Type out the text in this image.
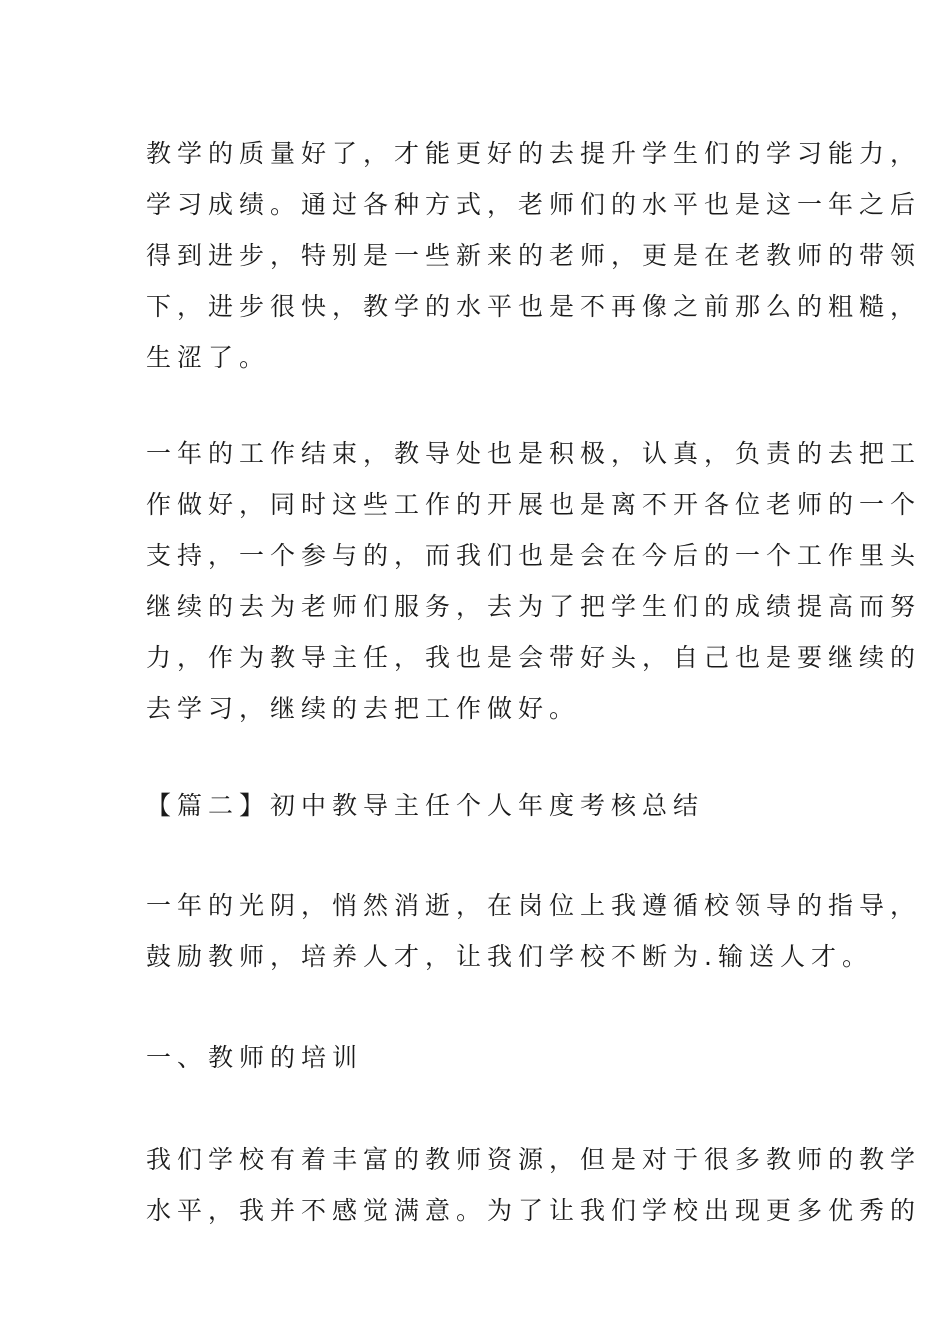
教学的质量好了，才能更好的去提升学生们的学习能力，
学习成绩。通过各种方式，老师们的水平也是这一年之后
得到进步，特别是一些新来的老师，更是在老教师的带领
下，进步很快，教学的水平也是不再像之前那么的粗糙，
生涩了。
一年的工作结束，教导处也是积极，认真，负责的去把工
作做好，同时这些工作的开展也是离不开各位老师的一个
支持，一个参与的，而我们也是会在今后的一个工作里头
继续的去为老师们服务，去为了把学生们的成绩提高而努
力，作为教导主任，我也是会带好头，自己也是要继续的
去学习，继续的去把工作做好。
【篇二】初中教导主任个人年度考核总结
一年的光阴，悄然消逝，在岗位上我遵循校领导的指导，
鼓励教师，培养人才，让我们学校不断为.输送人才。
一、教师的培训
我们学校有着丰富的教师资源，但是对于很多教师的教学
水平，我并不感觉满意。为了让我们学校出现更多优秀的
